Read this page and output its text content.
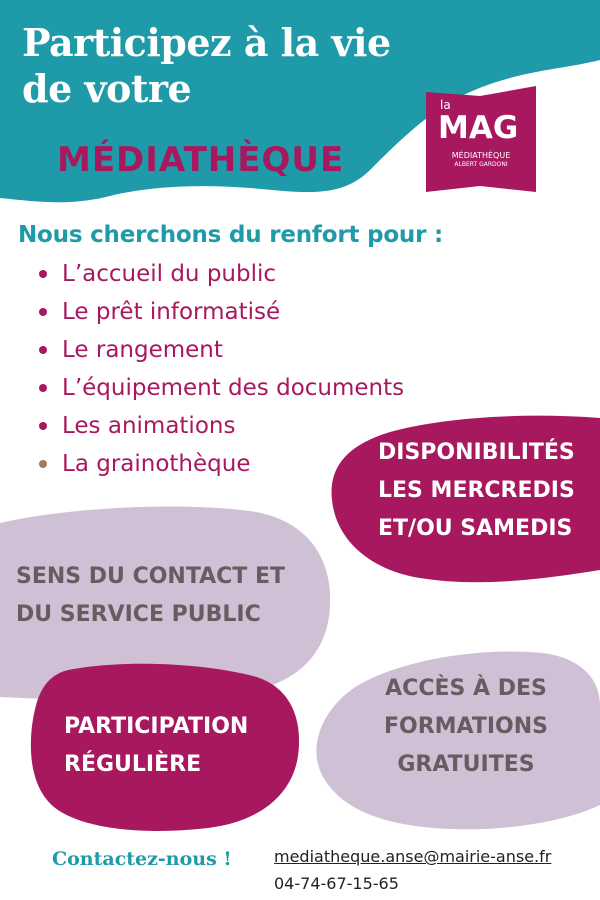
Participez à la vie
de votre
MÉDIATHÈQUE
la
MAG
MÉDIATHÈQUE
ALBERT GARDONI
Nous cherchons du renfort pour :
L’accueil du public
Le prêt informatisé
Le rangement
L’équipement des documents
Les animations
La grainothèque	DISPONIBILITÉS
LES MERCREDIS
ET/OU SAMEDIS

SENS DU CONTACT ET
DU SERVICE PUBLIC

ACCÈS À DES
FORMATIONS
GRATUITES

PARTICIPATION
RÉGULIÈRE

Contactez-nous !	mediatheque.anse@mairie-anse.fr
04-74-67-15-65
